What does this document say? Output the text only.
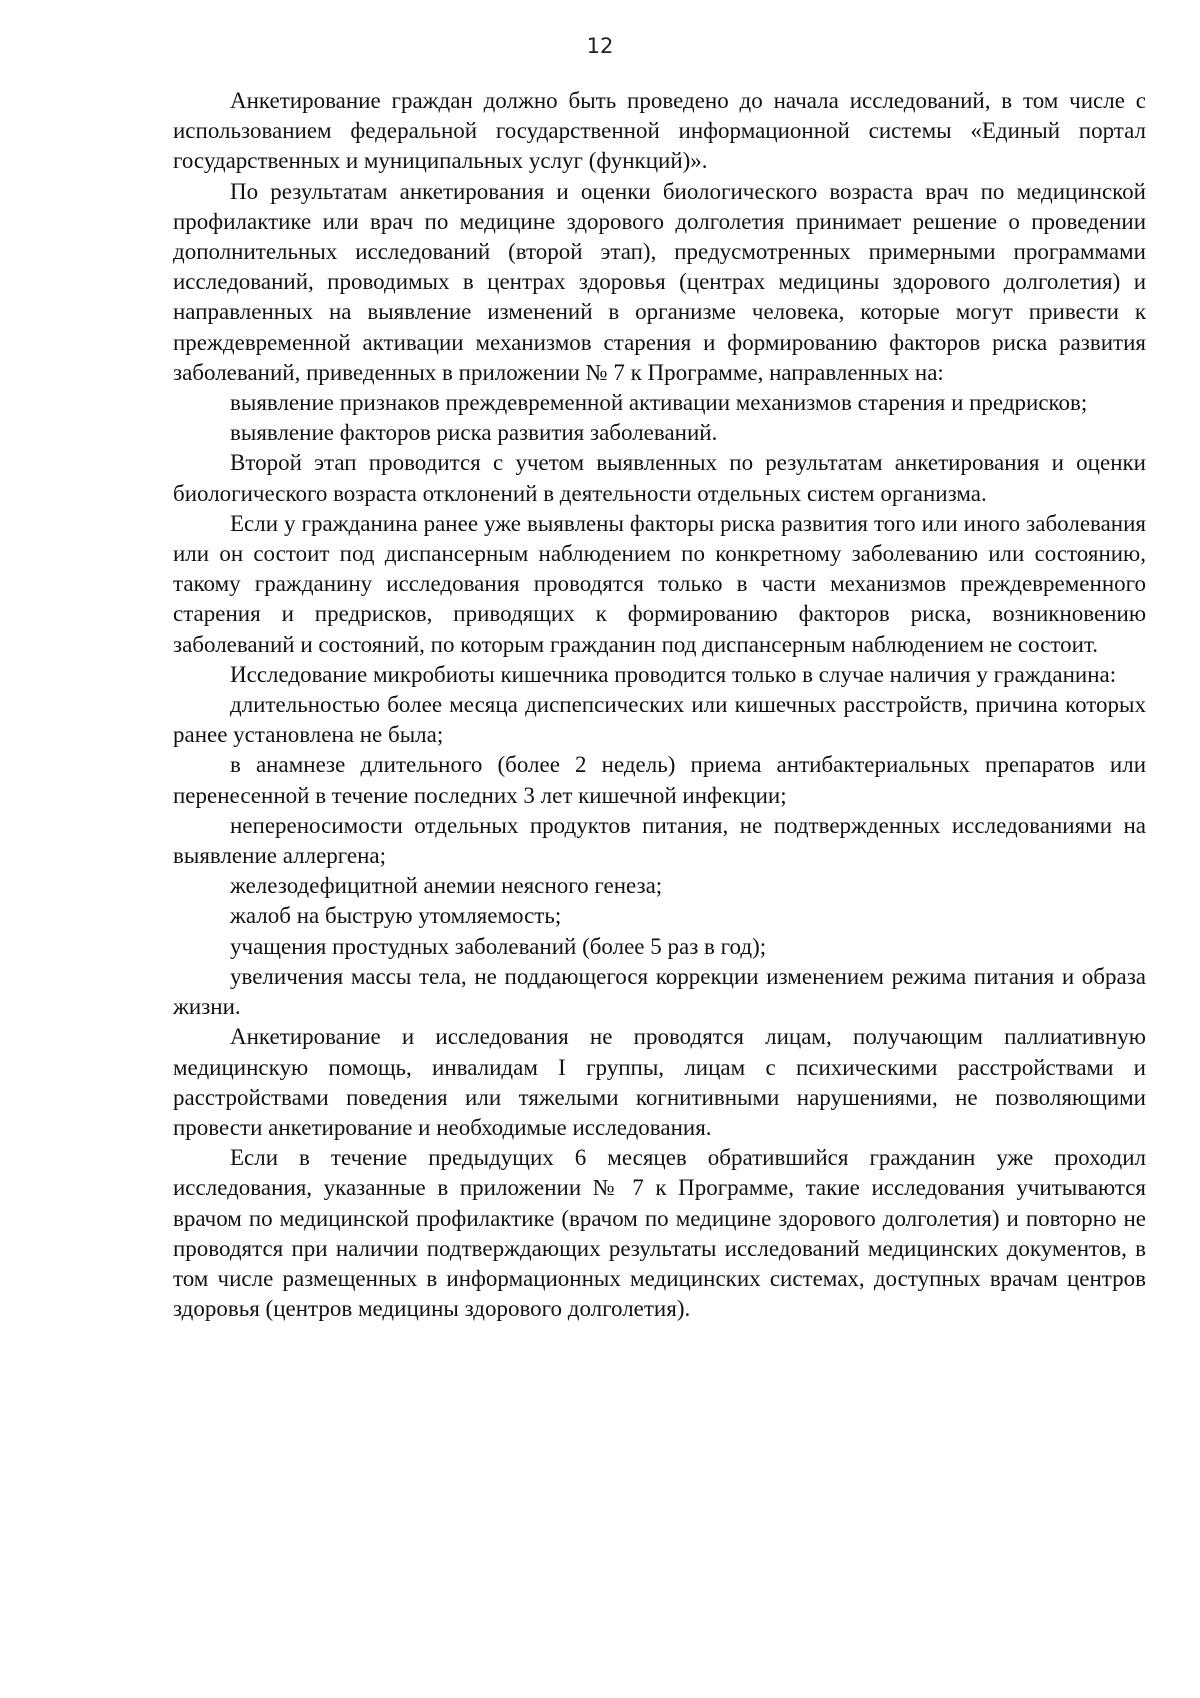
12

Анкетирование граждан должно быть проведено до начала исследований, в том числе с использованием федеральной государственной информационной системы «Единый портал государственных и муниципальных услуг (функций)».

По результатам анкетирования и оценки биологического возраста врач по медицинской профилактике или врач по медицине здорового долголетия принимает решение о проведении дополнительных исследований (второй этап), предусмотренных примерными программами исследований, проводимых в центрах здоровья (центрах медицины здорового долголетия) и направленных на выявление изменений в организме человека, которые могут привести к преждевременной активации механизмов старения и формированию факторов риска развития заболеваний, приведенных в приложении № 7 к Программе, направленных на:

выявление признаков преждевременной активации механизмов старения и предрисков;

выявление факторов риска развития заболеваний.

Второй этап проводится с учетом выявленных по результатам анкетирования и оценки биологического возраста отклонений в деятельности отдельных систем организма.

Если у гражданина ранее уже выявлены факторы риска развития того или иного заболевания или он состоит под диспансерным наблюдением по конкретному заболеванию или состоянию, такому гражданину исследования проводятся только в части механизмов преждевременного старения и предрисков, приводящих к формированию факторов риска, возникновению заболеваний и состояний, по которым гражданин под диспансерным наблюдением не состоит.

Исследование микробиоты кишечника проводится только в случае наличия у гражданина:

длительностью более месяца диспепсических или кишечных расстройств, причина которых ранее установлена не была;

в анамнезе длительного (более 2 недель) приема антибактериальных препаратов или перенесенной в течение последних 3 лет кишечной инфекции;

непереносимости отдельных продуктов питания, не подтвержденных исследованиями на выявление аллергена;

железодефицитной анемии неясного генеза;

жалоб на быструю утомляемость;

учащения простудных заболеваний (более 5 раз в год);

увеличения массы тела, не поддающегося коррекции изменением режима питания и образа жизни.

Анкетирование и исследования не проводятся лицам, получающим паллиативную медицинскую помощь, инвалидам I группы, лицам с психическими расстройствами и расстройствами поведения или тяжелыми когнитивными нарушениями, не позволяющими провести анкетирование и необходимые исследования.

Если в течение предыдущих 6 месяцев обратившийся гражданин уже проходил исследования, указанные в приложении № 7 к Программе, такие исследования учитываются врачом по медицинской профилактике (врачом по медицине здорового долголетия) и повторно не проводятся при наличии подтверждающих результаты исследований медицинских документов, в том числе размещенных в информационных медицинских системах, доступных врачам центров здоровья (центров медицины здорового долголетия).
